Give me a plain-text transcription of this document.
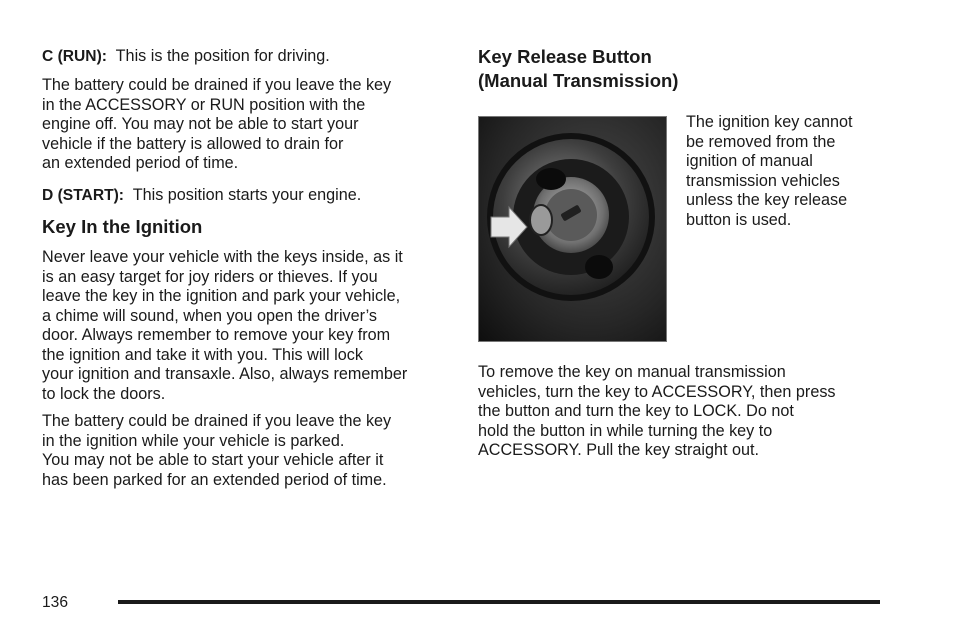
C (RUN): This is the position for driving.

The battery could be drained if you leave the key
in the ACCESSORY or RUN position with the
engine off. You may not be able to start your
vehicle if the battery is allowed to drain for
an extended period of time.

D (START): This position starts your engine.

Key In the Ignition

Never leave your vehicle with the keys inside, as it
is an easy target for joy riders or thieves. If you
leave the key in the ignition and park your vehicle,
a chime will sound, when you open the driver’s
door. Always remember to remove your key from
the ignition and take it with you. This will lock
your ignition and transaxle. Also, always remember
to lock the doors.

The battery could be drained if you leave the key
in the ignition while your vehicle is parked.

You may not be able to start your vehicle after it
has been parked for an extended period of time.

Key Release Button
(Manual Transmission)

The ignition key cannot
be removed from the
ignition of manual
transmission vehicles
unless the key release
button is used.

To remove the key on manual transmission
vehicles, turn the key to ACCESSORY, then press
the button and turn the key to LOCK. Do not
hold the button in while turning the key to
ACCESSORY. Pull the key straight out.

136
